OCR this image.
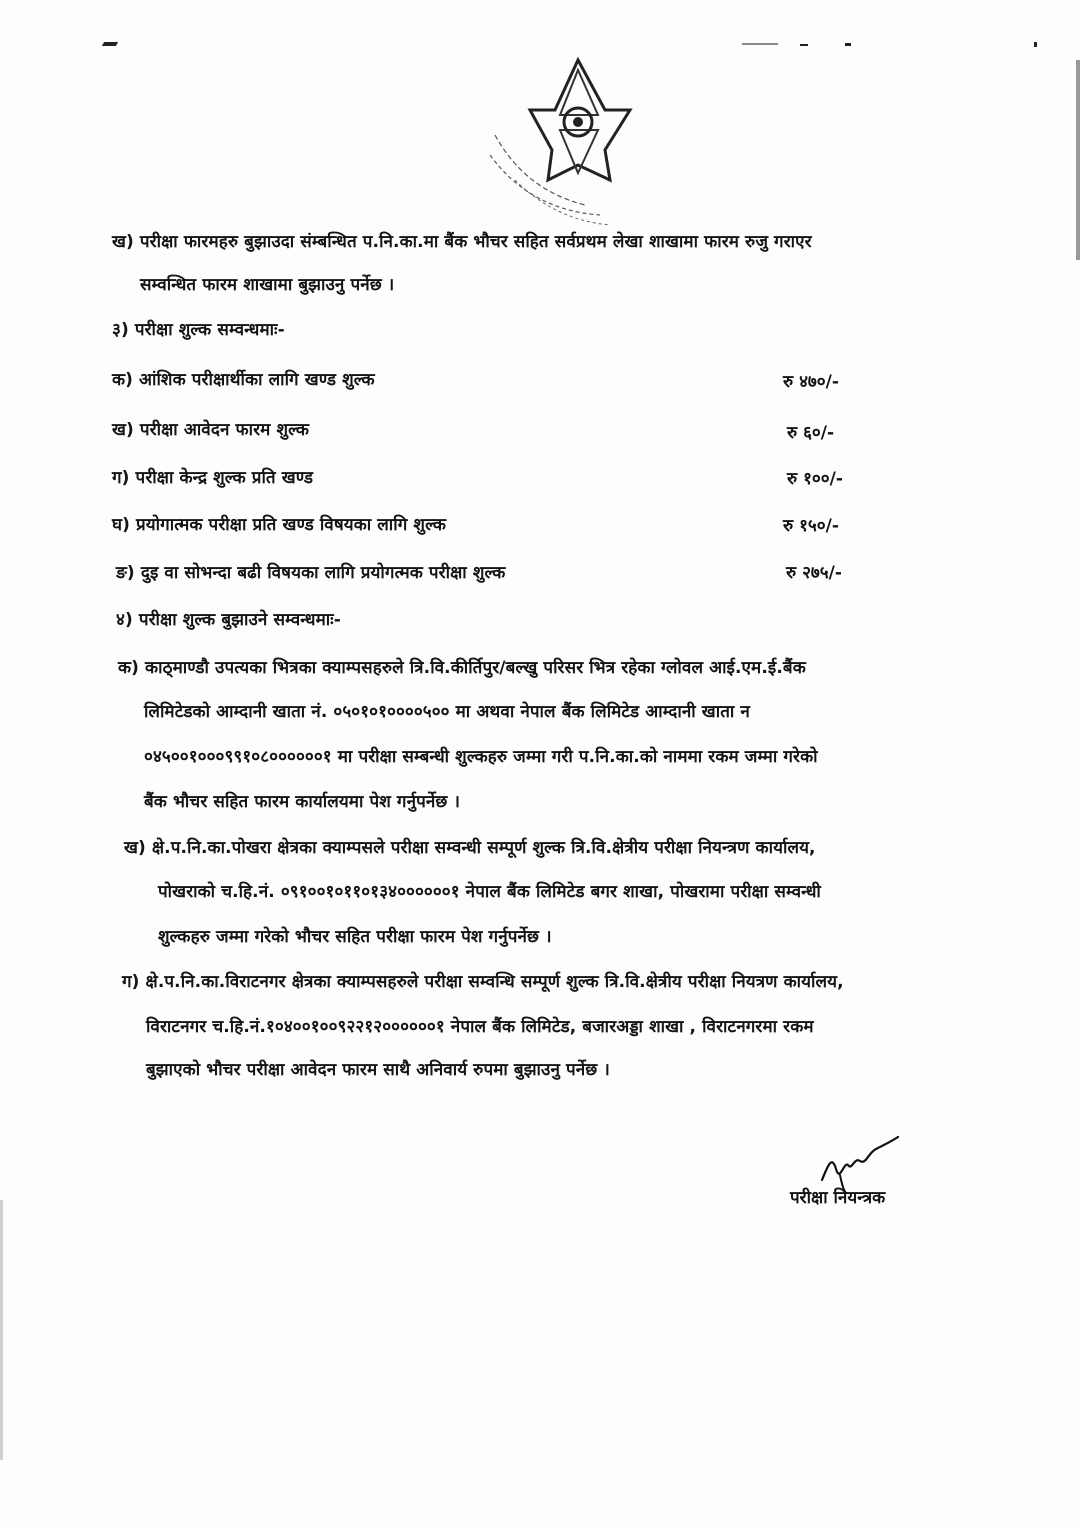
ख) परीक्षा फारमहरु बुझाउदा संम्बन्धित प.नि.का.मा बैंक भौचर सहित सर्वप्रथम लेखा शाखामा फारम रुजु गराएर
सम्वन्धित फारम शाखामा बुझाउनु पर्नेछ ।
३) परीक्षा शुल्क सम्वन्धमाः-
क) आंशिक परीक्षार्थीका लागि खण्ड शुल्क	रु ४७०/-
ख) परीक्षा आवेदन फारम शुल्क	रु ६०/-
ग) परीक्षा केन्द्र शुल्क प्रति खण्ड	रु १००/-
घ) प्रयोगात्मक परीक्षा प्रति खण्ड विषयका लागि शुल्क	रु १५०/-
ङ) दुइ वा सोभन्दा बढी विषयका लागि प्रयोगत्मक परीक्षा शुल्क	रु २७५/-
४) परीक्षा शुल्क बुझाउने सम्वन्धमाः-
क) काठ्माण्डौ उपत्यका भित्रका क्याम्पसहरुले त्रि.वि.कीर्तिपुर/बल्खु परिसर भित्र रहेका ग्लोवल आई.एम.ई.बैंक
लिमिटेडको आम्दानी खाता नं. ०५०१०१००००५०० मा अथवा नेपाल बैंक लिमिटेड आम्दानी खाता न
०४५००१०००९९१०८००००००१ मा परीक्षा सम्बन्धी शुल्कहरु जम्मा गरी प.नि.का.को नाममा रकम जम्मा गरेको
बैंक भौचर सहित फारम कार्यालयमा पेश गर्नुपर्नेछ ।
ख) क्षे.प.नि.का.पोखरा क्षेत्रका क्याम्पसले परीक्षा सम्वन्धी सम्पूर्ण शुल्क त्रि.वि.क्षेत्रीय परीक्षा नियन्त्रण कार्यालय,
पोखराको च.हि.नं. ०९१००१०११०१३४००००००१ नेपाल बैंक लिमिटेड बगर शाखा, पोखरामा परीक्षा सम्वन्धी
शुल्कहरु जम्मा गरेको भौचर सहित परीक्षा फारम पेश गर्नुपर्नेछ ।
ग) क्षे.प.नि.का.विराटनगर क्षेत्रका क्याम्पसहरुले परीक्षा सम्वन्धि सम्पूर्ण शुल्क त्रि.वि.क्षेत्रीय परीक्षा नियत्रण कार्यालय,
विराटनगर च.हि.नं.१०४००१००९२२१२००००००१ नेपाल बैंक लिमिटेड, बजारअड्डा शाखा , विराटनगरमा रकम
बुझाएको भौचर परीक्षा आवेदन फारम साथै अनिवार्य रुपमा बुझाउनु पर्नेछ ।
परीक्षा नियन्त्रक
